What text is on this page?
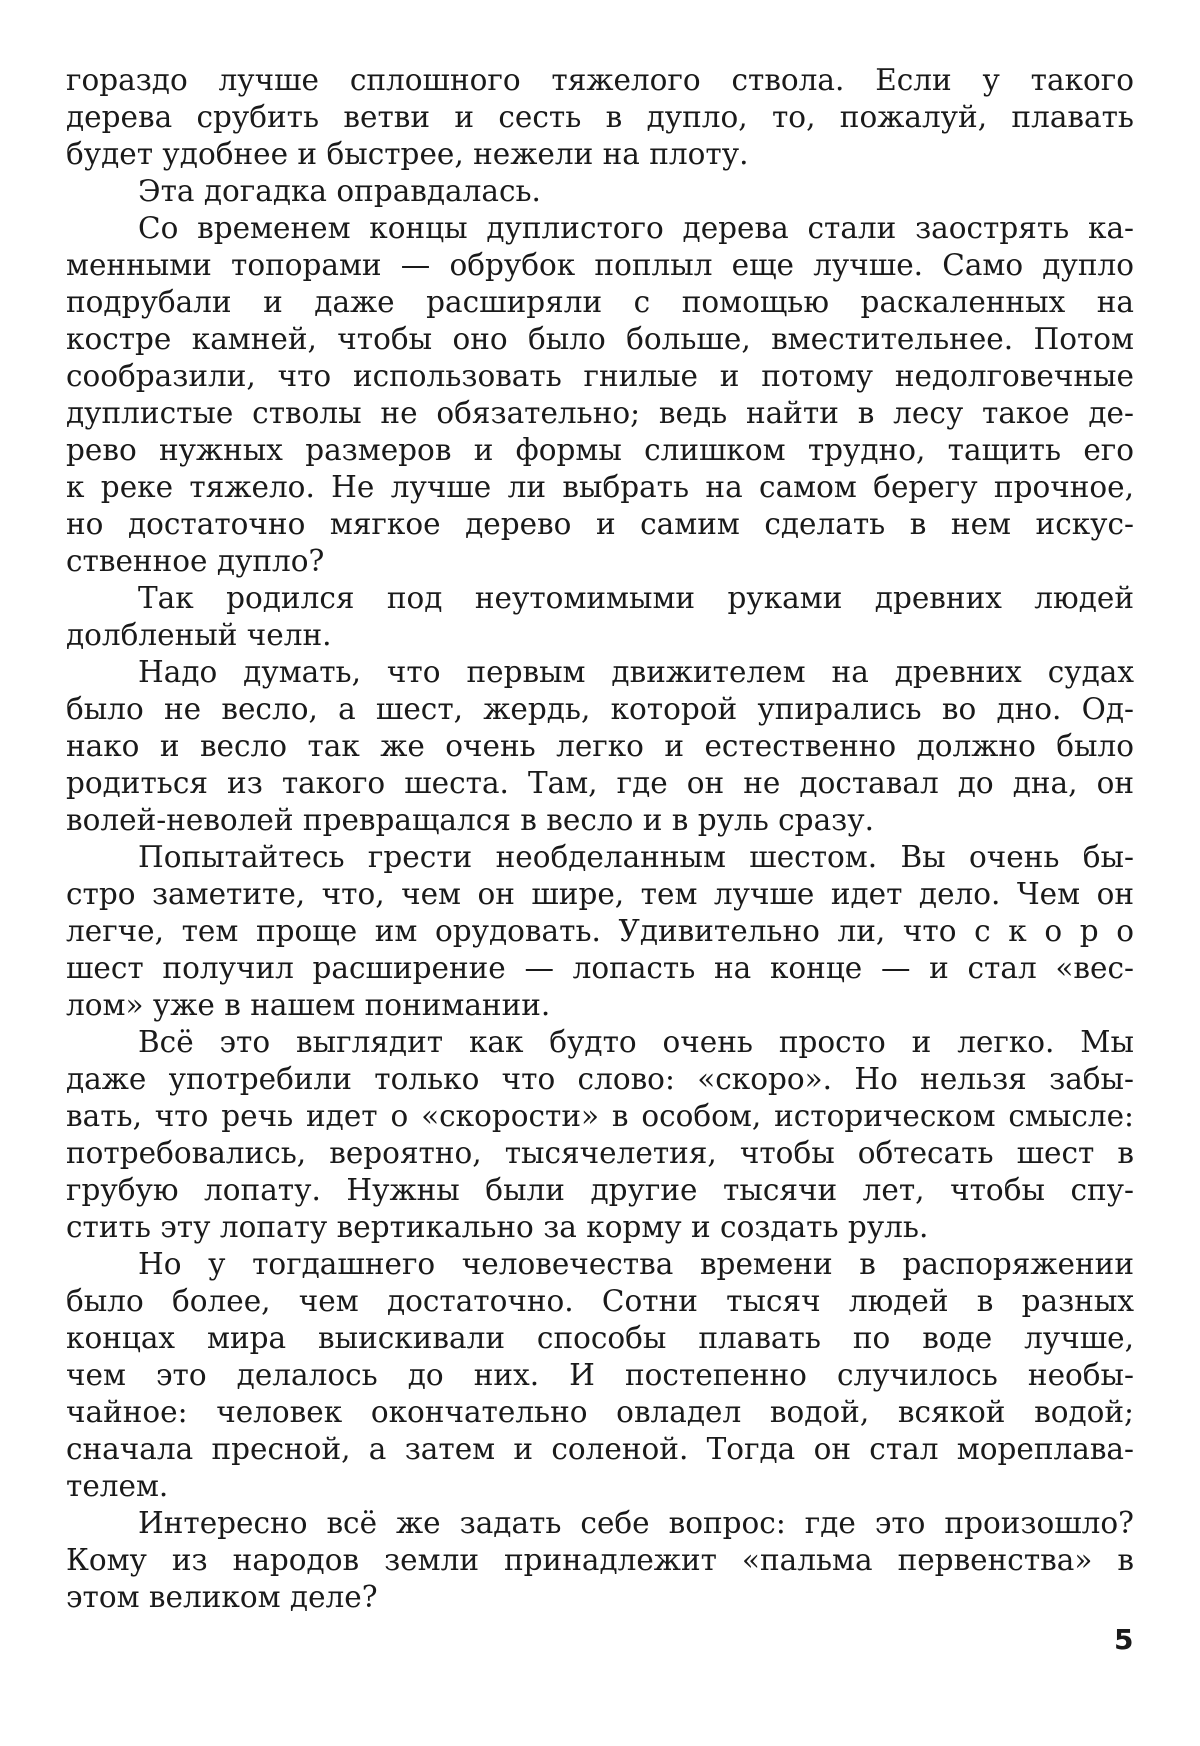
гораздо лучше сплошного тяжелого ствола. Если у такого
дерева срубить ветви и сесть в дупло, то, пожалуй, плавать
будет удобнее и быстрее, нежели на плоту.
Эта догадка оправдалась.
Со временем концы дуплистого дерева стали заострять ка-
менными топорами — обрубок поплыл еще лучше. Само дупло
подрубали и даже расширяли с помощью раскаленных на
костре камней, чтобы оно было больше, вместительнее. Потом
сообразили, что использовать гнилые и потому недолговечные
дуплистые стволы не обязательно; ведь найти в лесу такое де-
рево нужных размеров и формы слишком трудно, тащить его
к реке тяжело. Не лучше ли выбрать на самом берегу прочное,
но достаточно мягкое дерево и самим сделать в нем искус-
ственное дупло?
Так родился под неутомимыми руками древних людей
долбленый челн.
Надо думать, что первым движителем на древних судах
было не весло, а шест, жердь, которой упирались во дно. Од-
нако и весло так же очень легко и естественно должно было
родиться из такого шеста. Там, где он не доставал до дна, он
волей-неволей превращался в весло и в руль сразу.
Попытайтесь грести необделанным шестом. Вы очень бы-
стро заметите, что, чем он шире, тем лучше идет дело. Чем он
легче, тем проще им орудовать. Удивительно ли, что с к о р о
шест получил расширение — лопасть на конце — и стал «вес-
лом» уже в нашем понимании.
Всё это выглядит как будто очень просто и легко. Мы
даже употребили только что слово: «скоро». Но нельзя забы-
вать, что речь идет о «скорости» в особом, историческом смысле:
потребовались, вероятно, тысячелетия, чтобы обтесать шест в
грубую лопату. Нужны были другие тысячи лет, чтобы спу-
стить эту лопату вертикально за корму и создать руль.
Но у тогдашнего человечества времени в распоряжении
было более, чем достаточно. Сотни тысяч людей в разных
концах мира выискивали способы плавать по воде лучше,
чем это делалось до них. И постепенно случилось необы-
чайное: человек окончательно овладел водой, всякой водой;
сначала пресной, а затем и соленой. Тогда он стал мореплава-
телем.
Интересно всё же задать себе вопрос: где это произошло?
Кому из народов земли принадлежит «пальма первенства» в
этом великом деле?
5
